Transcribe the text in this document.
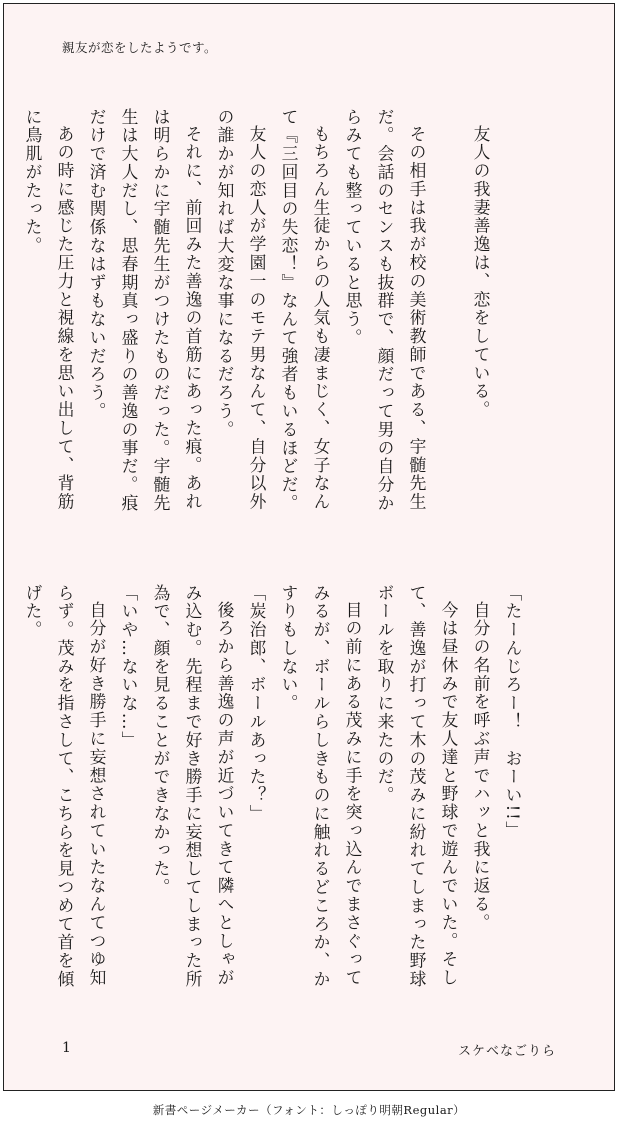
親友が恋をしたようです。

友人の我妻善逸は、恋をしている。

その相手は我が校の美術教師である、宇髄先生だ。会話のセンスも抜群で、顔だって男の自分からみても整っていると思う。

もちろん生徒からの人気も凄まじく、女子なんて『三回目の失恋！』なんて強者もいるほどだ。

友人の恋人が学園一のモテ男なんて、自分以外の誰かが知れば大変な事になるだろう。

それに、前回みた善逸の首筋にあった痕。あれは明らかに宇髄先生がつけたものだった。宇髄先生は大人だし、思春期真っ盛りの善逸の事だ。痕だけで済む関係なはずもないだろう。

あの時に感じた圧力と視線を思い出して、背筋に鳥肌がたった。

「たーんじろー！　おーい!!」

自分の名前を呼ぶ声でハッと我に返る。

今は昼休みで友人達と野球で遊んでいた。そして、善逸が打って木の茂みに紛れてしまった野球ボールを取りに来たのだ。

目の前にある茂みに手を突っ込んでまさぐってみるが、ボールらしきものに触れるどころか、かすりもしない。

「炭治郎、ボールあった？」

後ろから善逸の声が近づいてきて隣へとしゃがみ込む。先程まで好き勝手に妄想してしまった所為で、顔を見ることができなかった。

「いや…ないな…」

自分が好き勝手に妄想されていたなんてつゆ知らず。茂みを指さして、こちらを見つめて首を傾げた。

1	スケベなごりら
新書ページメーカー（フォント：しっぽり明朝Regular）
